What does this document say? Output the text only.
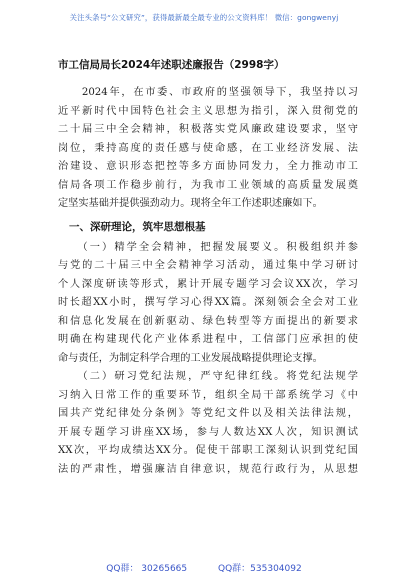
关注头条号“公文研究”，获得最新最全最专业的公文资料库！ 微信：gongwenyj
市工信局局长2024年述职述廉报告（2998字）

　　2024年，在市委、市政府的坚强领导下，我坚持以习

近平新时代中国特色社会主义思想为指引，深入贯彻党的

二十届三中全会精神，积极落实党风廉政建设要求，坚守

岗位，秉持高度的责任感与使命感，在工业经济发展、法

治建设、意识形态把控等多方面协同发力，全力推动市工

信局各项工作稳步前行，为我市工业领域的高质量发展奠

定坚实基础并提供强劲动力。现将全年工作述职述廉如下。

一、深研理论，筑牢思想根基

　　（一）精学全会精神，把握发展要义。积极组织并参

与党的二十届三中全会精神学习活动，通过集中学习研讨

个人深度研读等形式，累计开展专题学习会议XX次，学习

时长超XX小时，撰写学习心得XX篇。深刻领会全会对工业

和信息化发展在创新驱动、绿色转型等方面提出的新要求

明确在构建现代化产业体系进程中，工信部门应承担的使

命与责任，为制定科学合理的工业发展战略提供理论支撑。

　　（二）研习党纪法规，严守纪律红线。将党纪法规学

习纳入日常工作的重要环节，组织全局干部系统学习《中

国共产党纪律处分条例》等党纪文件以及相关法律法规，

开展专题学习讲座XX场，参与人数达XX人次，知识测试

XX次，平均成绩达XX分。促使干部职工深刻认识到党纪国

法的严肃性，增强廉洁自律意识，规范行政行为，从思想

QQ群： 30265665	QQ群：535304092
